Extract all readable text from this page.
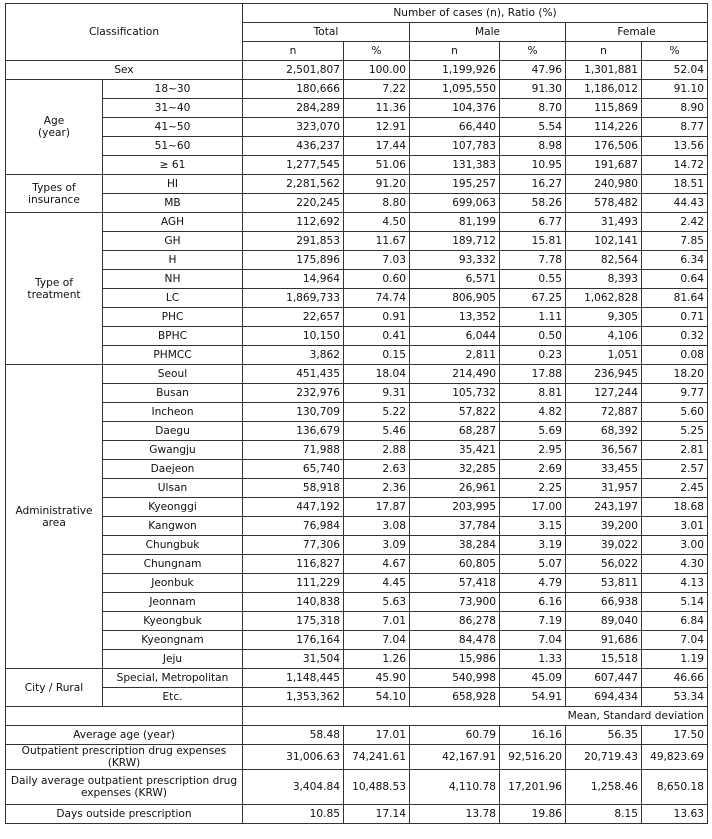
Classification		Number of cases (n), Ratio (%)					
		Total		Male		Female	
		n	%	n	%	n	%
Sex		2,501,807	100.00	1,199,926	47.96	1,301,881	52.04
Age
(year)	18~30	180,666	7.22	1,095,550	91.30	1,186,012	91.10
	31~40	284,289	11.36	104,376	8.70	115,869	8.90
	41~50	323,070	12.91	66,440	5.54	114,226	8.77
	51~60	436,237	17.44	107,783	8.98	176,506	13.56
	≥ 61	1,277,545	51.06	131,383	10.95	191,687	14.72
Types of
insurance	HI	2,281,562	91.20	195,257	16.27	240,980	18.51
	MB	220,245	8.80	699,063	58.26	578,482	44.43
Type of
treatment	AGH	112,692	4.50	81,199	6.77	31,493	2.42
	GH	291,853	11.67	189,712	15.81	102,141	7.85
	H	175,896	7.03	93,332	7.78	82,564	6.34
	NH	14,964	0.60	6,571	0.55	8,393	0.64
	LC	1,869,733	74.74	806,905	67.25	1,062,828	81.64
	PHC	22,657	0.91	13,352	1.11	9,305	0.71
	BPHC	10,150	0.41	6,044	0.50	4,106	0.32
	PHMCC	3,862	0.15	2,811	0.23	1,051	0.08
Administrative
area	Seoul	451,435	18.04	214,490	17.88	236,945	18.20
	Busan	232,976	9.31	105,732	8.81	127,244	9.77
	Incheon	130,709	5.22	57,822	4.82	72,887	5.60
	Daegu	136,679	5.46	68,287	5.69	68,392	5.25
	Gwangju	71,988	2.88	35,421	2.95	36,567	2.81
	Daejeon	65,740	2.63	32,285	2.69	33,455	2.57
	Ulsan	58,918	2.36	26,961	2.25	31,957	2.45
	Kyeonggi	447,192	17.87	203,995	17.00	243,197	18.68
	Kangwon	76,984	3.08	37,784	3.15	39,200	3.01
	Chungbuk	77,306	3.09	38,284	3.19	39,022	3.00
	Chungnam	116,827	4.67	60,805	5.07	56,022	4.30
	Jeonbuk	111,229	4.45	57,418	4.79	53,811	4.13
	Jeonnam	140,838	5.63	73,900	6.16	66,938	5.14
	Kyeongbuk	175,318	7.01	86,278	7.19	89,040	6.84
	Kyeongnam	176,164	7.04	84,478	7.04	91,686	7.04
	Jeju	31,504	1.26	15,986	1.33	15,518	1.19
City / Rural	Special, Metropolitan	1,148,445	45.90	540,998	45.09	607,447	46.66
	Etc.	1,353,362	54.10	658,928	54.91	694,434	53.34
		Mean, Standard deviation					
Average age (year)		58.48	17.01	60.79	16.16	56.35	17.50
Outpatient prescription drug expenses (KRW)		31,006.63	74,241.61	42,167.91	92,516.20	20,719.43	49,823.69
Daily average outpatient prescription drug expenses (KRW)		3,404.84	10,488.53	4,110.78	17,201.96	1,258.46	8,650.18
Days outside prescription		10.85	17.14	13.78	19.86	8.15	13.63
